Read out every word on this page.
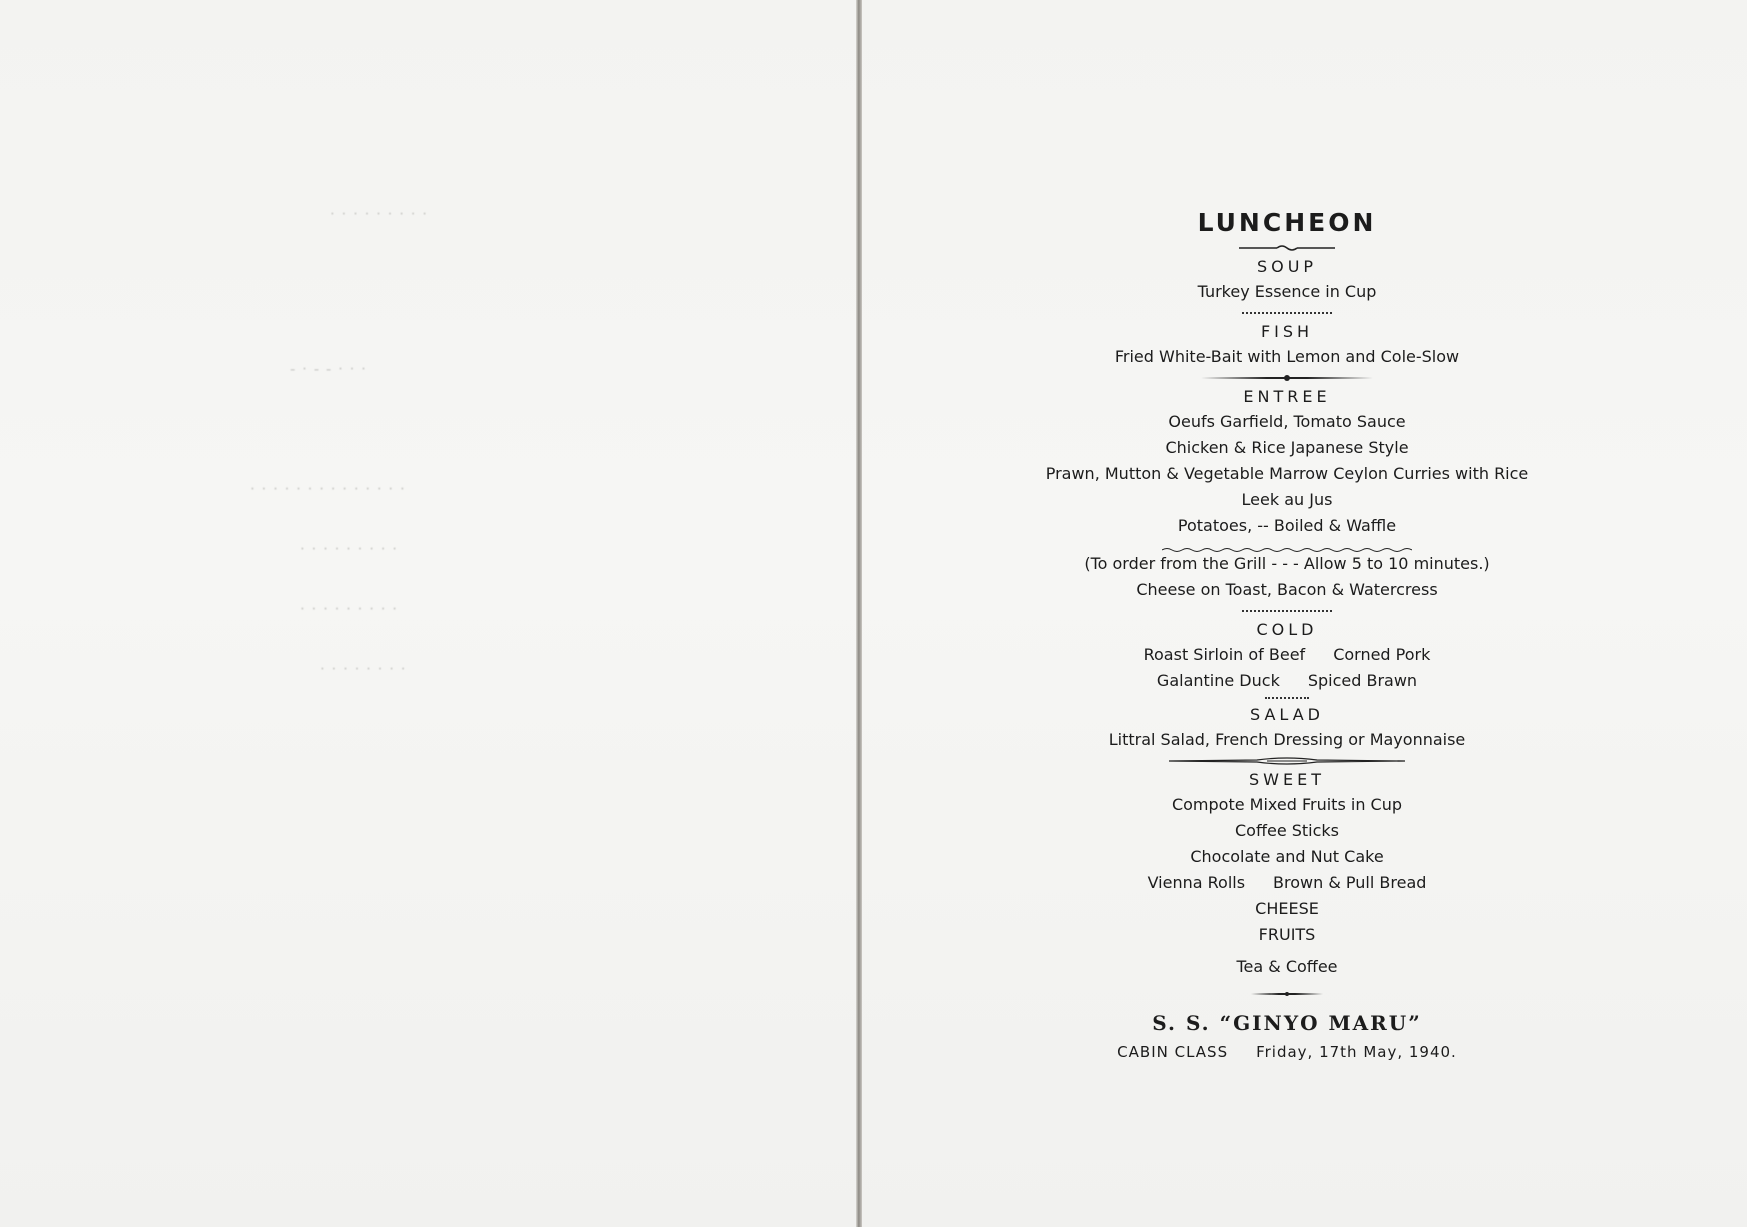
· · · · · · · · ·
- · - - · · ·
· · · · · · · · · · · · · ·
· · · · · · · · ·
· · · · · · · · ·
· · · · · · · ·
LUNCHEON
SOUP
Turkey Essence in Cup
FISH
Fried White-Bait with Lemon and Cole-Slow
ENTREE
Oeufs Garfield, Tomato Sauce
Chicken & Rice Japanese Style
Prawn, Mutton & Vegetable Marrow Ceylon Curries with Rice
Leek au Jus
Potatoes, -- Boiled & Waffle
(To order from the Grill - - - Allow 5 to 10 minutes.)
Cheese on Toast, Bacon & Watercress
COLD
Roast Sirloin of Beef Corned Pork
Galantine Duck Spiced Brawn
SALAD
Littral Salad, French Dressing or Mayonnaise
SWEET
Compote Mixed Fruits in Cup
Coffee Sticks
Chocolate and Nut Cake
Vienna Rolls Brown & Pull Bread
CHEESE
FRUITS
Tea & Coffee
S. S. “GINYO MARU”
CABIN CLASS Friday, 17th May, 1940.
